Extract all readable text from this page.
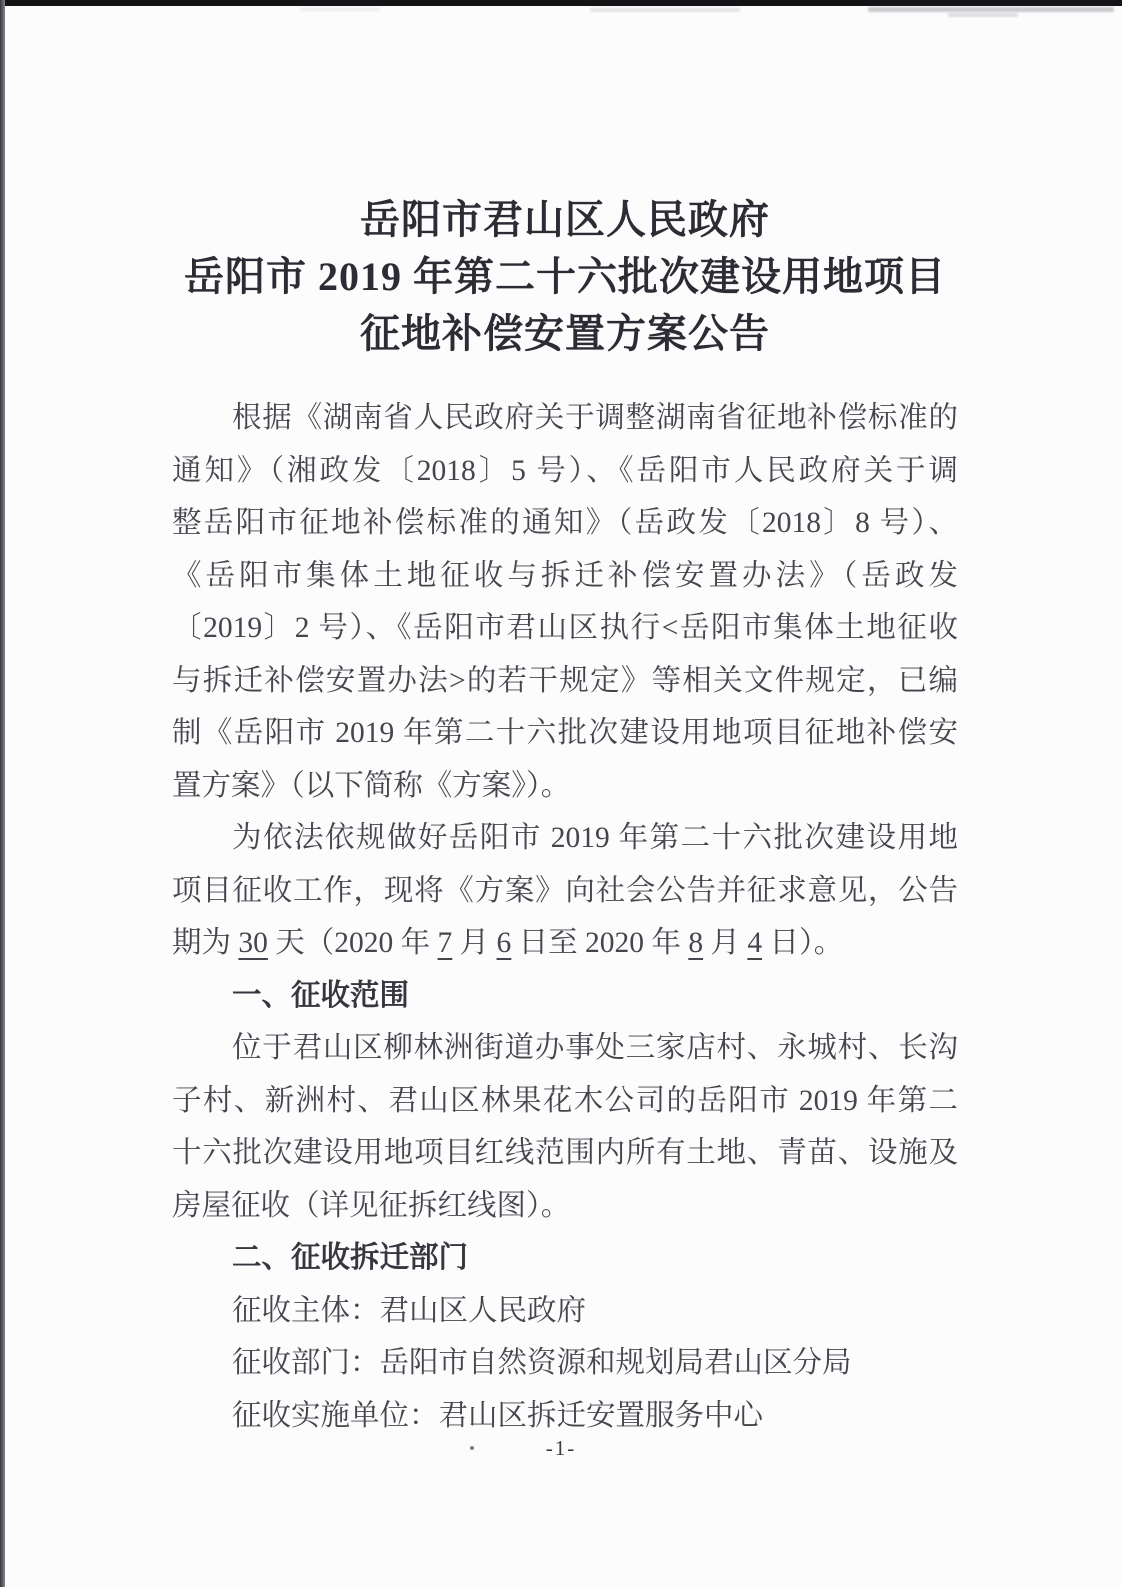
岳阳市君山区人民政府
岳阳市 2019 年第二十六批次建设用地项目
征地补偿安置方案公告
根据《湖南省人民政府关于调整湖南省征地补偿标准的
通知》（湘政发〔2018〕5 号）、《岳阳市人民政府关于调
整岳阳市征地补偿标准的通知》（岳政发〔2018〕8 号）、
《岳阳市集体土地征收与拆迁补偿安置办法》（岳政发
〔2019〕2 号）、《岳阳市君山区执行<岳阳市集体土地征收
与拆迁补偿安置办法>的若干规定》等相关文件规定，已编
制《岳阳市 2019 年第二十六批次建设用地项目征地补偿安
置方案》（以下简称《方案》）。
为依法依规做好岳阳市 2019 年第二十六批次建设用地
项目征收工作，现将《方案》向社会公告并征求意见，公告
期为 30 天（2020 年 7 月 6 日至 2020 年 8 月 4 日）。
一、征收范围
位于君山区柳林洲街道办事处三家店村、永城村、长沟
子村、新洲村、君山区林果花木公司的岳阳市 2019 年第二
十六批次建设用地项目红线范围内所有土地、青苗、设施及
房屋征收（详见征拆红线图）。
二、征收拆迁部门
征收主体：君山区人民政府
征收部门：岳阳市自然资源和规划局君山区分局
征收实施单位：君山区拆迁安置服务中心
-1-
